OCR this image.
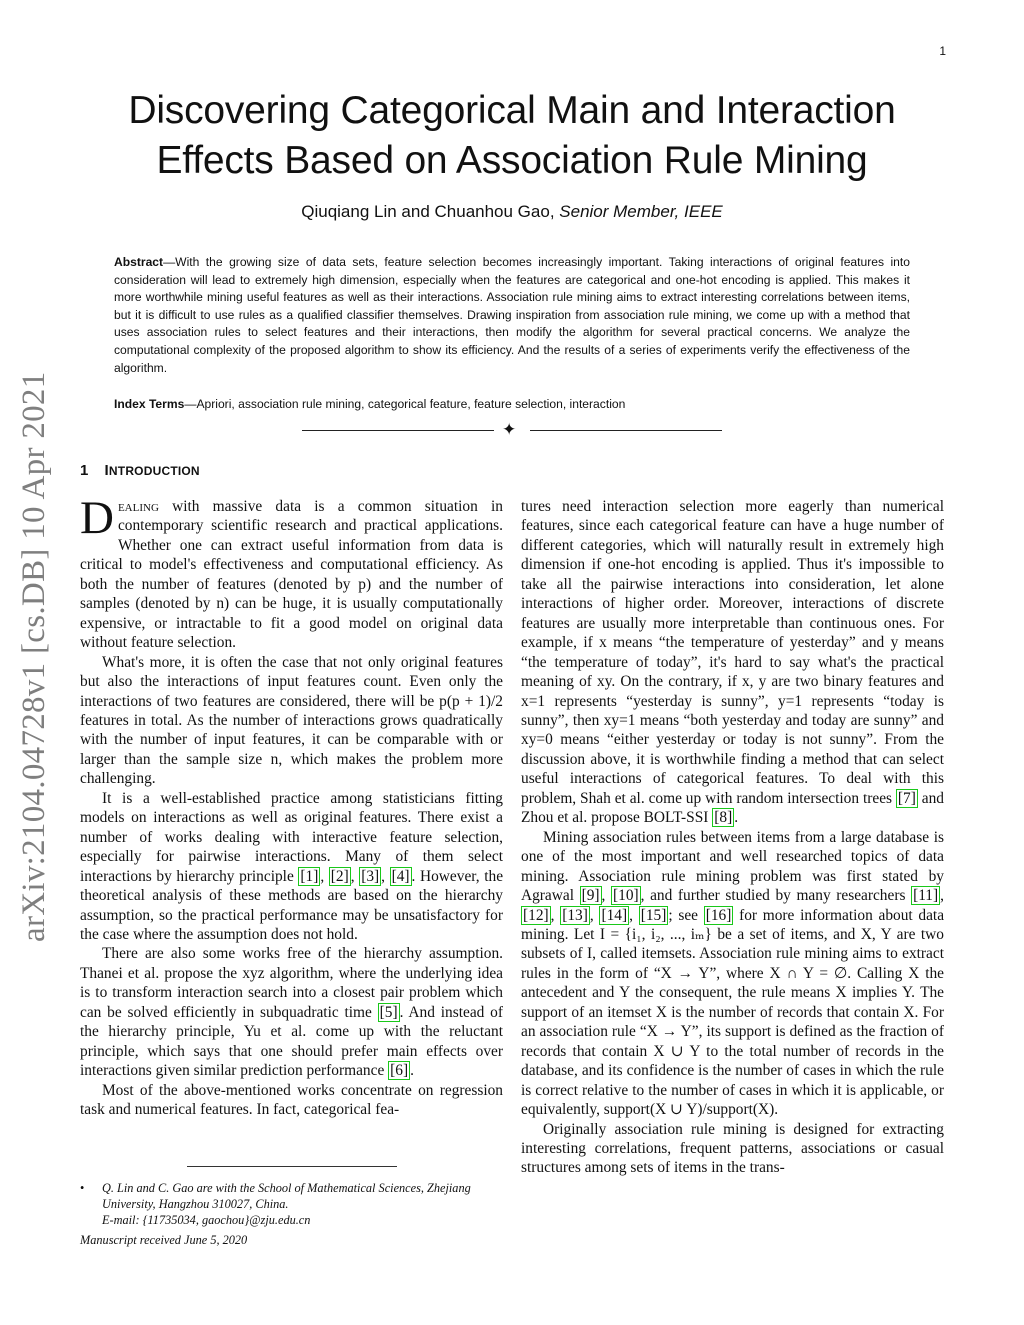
1
Discovering Categorical Main and Interaction
Effects Based on Association Rule Mining
Qiuqiang Lin and Chuanhou Gao, Senior Member, IEEE

Abstract—With the growing size of data sets, feature selection becomes increasingly important. Taking interactions of original features into consideration will lead to extremely high dimension, especially when the features are categorical and one-hot encoding is applied. This makes it more worthwhile mining useful features as well as their interactions. Association rule mining aims to extract interesting correlations between items, but it is difficult to use rules as a qualified classifier themselves. Drawing inspiration from association rule mining, we come up with a method that uses association rules to select features and their interactions, then modify the algorithm for several practical concerns. We analyze the computational complexity of the proposed algorithm to show its efficiency. And the results of a series of experiments verify the effectiveness of the algorithm.

Index Terms—Apriori, association rule mining, categorical feature, feature selection, interaction

✦
1 INTRODUCTION
arXiv:2104.04728v1 [cs.DB] 10 Apr 2021 Dealing with massive data is a common situation in contemporary scientific research and practical applications. Whether one can extract useful information from data is critical to model's effectiveness and computational efficiency. As both the number of features (denoted by p) and the number of samples (denoted by n) can be huge, it is usually computationally expensive, or intractable to fit a good model on original data without feature selection.

What's more, it is often the case that not only original features but also the interactions of input features count. Even only the interactions of two features are considered, there will be p(p + 1)/2 features in total. As the number of interactions grows quadratically with the number of input features, it can be comparable with or larger than the sample size n, which makes the problem more challenging.

It is a well-established practice among statisticians fitting models on interactions as well as original features. There exist a number of works dealing with interactive feature selection, especially for pairwise interactions. Many of them select interactions by hierarchy principle [1] , [2] , [3] , [4] . However, the theoretical analysis of these methods are based on the hierarchy assumption, so the practical performance may be unsatisfactory for the case where the assumption does not hold.

There are also some works free of the hierarchy assumption. Thanei et al. propose the xyz algorithm, where the underlying idea is to transform interaction search into a closest pair problem which can be solved efficiently in subquadratic time [5] . And instead of the hierarchy principle, Yu et al. come up with the reluctant principle, which says that one should prefer main effects over interactions given similar prediction performance [6] .

Most of the above-mentioned works concentrate on regression task and numerical features. In fact, categorical fea-

tures need interaction selection more eagerly than numerical features, since each categorical feature can have a huge number of different categories, which will naturally result in extremely high dimension if one-hot encoding is applied. Thus it's impossible to take all the pairwise interactions into consideration, let alone interactions of higher order. Moreover, interactions of discrete features are usually more interpretable than continuous ones. For example, if x means “the temperature of yesterday” and y means “the temperature of today”, it's hard to say what's the practical meaning of xy. On the contrary, if x, y are two binary features and x=1 represents “yesterday is sunny”, y=1 represents “today is sunny”, then xy=1 means “both yesterday and today are sunny” and xy=0 means “either yesterday or today is not sunny”. From the discussion above, it is worthwhile finding a method that can select useful interactions of categorical features. To deal with this problem, Shah et al. come up with random intersection trees [7] and Zhou et al. propose BOLT-SSI [8] .

Mining association rules between items from a large database is one of the most important and well researched topics of data mining. Association rule mining problem was first stated by Agrawal [9] , [10] , and further studied by many researchers [11] , [12] , [13] , [14] , [15] ; see [16] for more information about data mining. Let I = {i₁, i₂, ..., iₘ} be a set of items, and X, Y are two subsets of I, called itemsets. Association rule mining aims to extract rules in the form of “X → Y”, where X ∩ Y = ∅. Calling X the antecedent and Y the consequent, the rule means X implies Y. The support of an itemset X is the number of records that contain X. For an association rule “X → Y”, its support is defined as the fraction of records that contain X ∪ Y to the total number of records in the database, and its confidence is the number of cases in which the rule is correct relative to the number of cases in which it is applicable, or equivalently, support(X ∪ Y)/support(X).

Originally association rule mining is designed for extracting interesting correlations, frequent patterns, associations or casual structures among sets of items in the trans-

• Q. Lin and C. Gao are with the School of Mathematical Sciences, Zhejiang University, Hangzhou 310027, China.
E-mail: {11735034, gaochou}@zju.edu.cn
Manuscript received June 5, 2020
